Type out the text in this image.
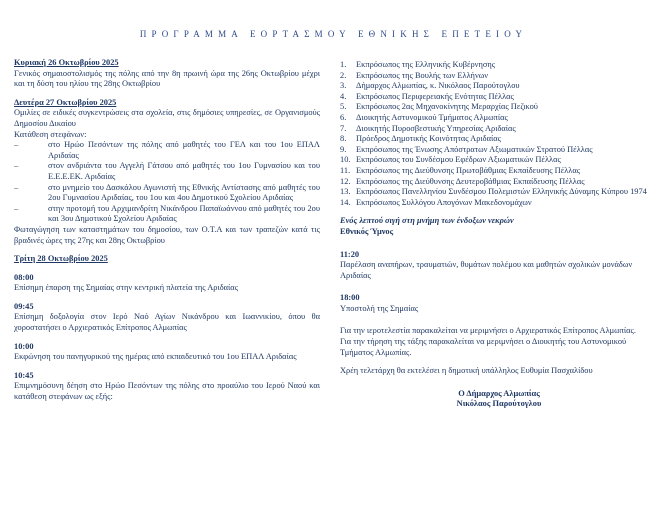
ΠΡΟΓΡΑΜΜΑ ΕΟΡΤΑΣΜΟΥ ΕΘΝΙΚΗΣ ΕΠΕΤΕΙΟΥ

Κυριακή 26 Οκτωβρίου 2025

Γενικός σημαιοστολισμός της πόλης από την 8η πρωινή ώρα της 26ης Οκτωβρίου μέχρι και τη δύση του ηλίου της 28ης Οκτωβρίου

Δευτέρα 27 Οκτωβρίου 2025

Ομιλίες σε ειδικές συγκεντρώσεις στα σχολεία, στις δημόσιες υπηρεσίες, σε Οργανισμούς Δημοσίου Δικαίου

Κατάθεση στεφάνων:

–	στο Ηρώο Πεσόντων της πόλης από μαθητές του ΓΕΛ και του 1ου ΕΠΑΛ Αριδαίας
–	στον ανδριάντα του Αγγελή Γάτσου από μαθητές του 1ου Γυμνασίου και του Ε.Ε.Ε.ΕΚ. Αριδαίας
–	στο μνημείο του Δασκάλου Αγωνιστή της Εθνικής Αντίστασης από μαθητές του 2ου Γυμνασίου Αριδαίας, του 1ου και 4ου Δημοτικού Σχολείου Αριδαίας
–	στην προτομή του Αρχιμανδρίτη Νικάνδρου Παπαϊωάννου από μαθητές του 2ου και 3ου Δημοτικού Σχολείου Αριδαίας

Φωταγώγηση των καταστημάτων του δημοσίου, των Ο.Τ.Α και των τραπεζών κατά τις βραδινές ώρες της 27ης και 28ης Οκτωβρίου

Τρίτη 28 Οκτωβρίου 2025

08:00

Επίσημη έπαρση της Σημαίας στην κεντρική πλατεία της Αριδαίας

09:45

Επίσημη δοξολογία στον Ιερό Ναό Αγίων Νικάνδρου και Ιωαννικίου, όπου θα χοροστατήσει ο Αρχιερατικός Επίτροπος Αλμωπίας

10:00

Εκφώνηση του πανηγυρικού της ημέρας από εκπαιδευτικό του 1ου ΕΠΑΛ Αριδαίας

10:45

Επιμνημόσυνη δέηση στο Ηρώο Πεσόντων της πόλης στο προαύλιο του Ιερού Ναού και κατάθεση στεφάνων ως εξής:

1.	Εκπρόσωπος της Ελληνικής Κυβέρνησης
2.	Εκπρόσωπος της Βουλής των Ελλήνων
3.	Δήμαρχος Αλμωπίας, κ. Νικόλαος Παρούτογλου
4.	Εκπρόσωπος Περιφερειακής Ενότητας Πέλλας
5.	Εκπρόσωπος 2ας Μηχανοκίνητης Μεραρχίας Πεζικού
6.	Διοικητής Αστυνομικού Τμήματος Αλμωπίας
7.	Διοικητής Πυροσβεστικής Υπηρεσίας Αριδαίας
8.	Πρόεδρος Δημοτικής Κοινότητας Αριδαίας
9.	Εκπρόσωπος της Ένωσης Απόστρατων Αξιωματικών Στρατού Πέλλας
10. Εκπρόσωπος του Συνδέσμου Εφέδρων Αξιωματικών Πέλλας
11. Εκπρόσωπος της Διεύθυνσης Πρωτοβάθμιας Εκπαίδευσης Πέλλας
12. Εκπρόσωπος της Διεύθυνσης Δευτεροβάθμιας Εκπαίδευσης Πέλλας
13. Εκπρόσωπος Πανελληνίου Συνδέσμου Πολεμιστών Ελληνικής Δύναμης Κύπρου 1974
14. Εκπρόσωπος Συλλόγου Απογόνων Μακεδονομάχων

Ενός λεπτού σιγή στη μνήμη των ένδοξων νεκρών

Εθνικός Ύμνος

11:20

Παρέλαση αναπήρων, τραυματιών, θυμάτων πολέμου και μαθητών σχολικών μονάδων Αριδαίας

18:00

Υποστολή της Σημαίας

Για την ιεροτελεστία παρακαλείται να μεριμνήσει ο Αρχιερατικός Επίτροπος Αλμωπίας.

Για την τήρηση της τάξης παρακαλείται να μεριμνήσει ο Διοικητής του Αστυνομικού Τμήματος Αλμωπίας.

Χρέη τελετάρχη θα εκτελέσει η δημοτική υπάλληλος Ευθυμία Πασχαλίδου

Ο Δήμαρχος Αλμωπίας

Νικόλαος Παρούτογλου
